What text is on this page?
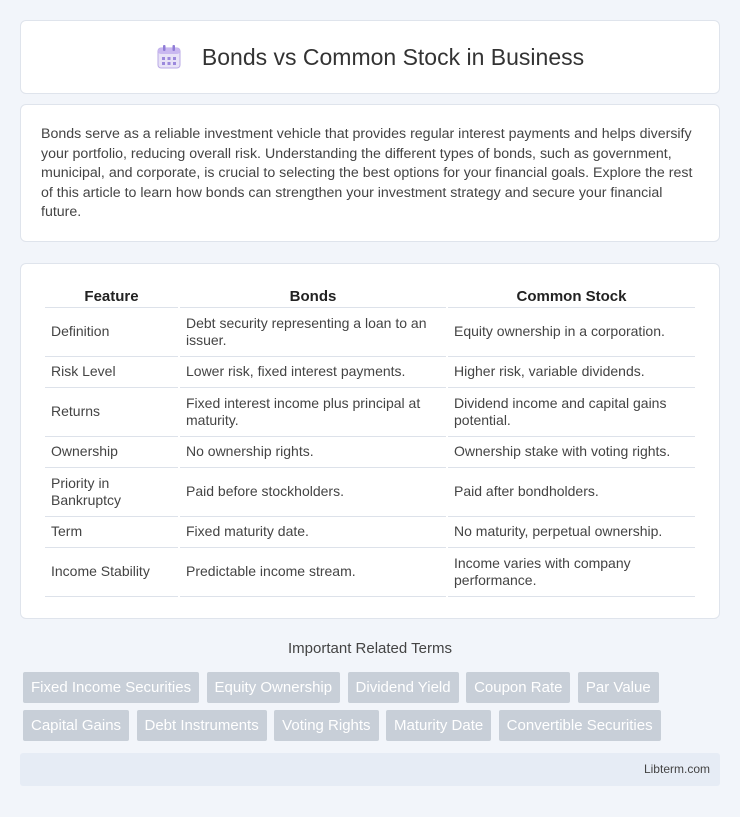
Bonds vs Common Stock in Business

Bonds serve as a reliable investment vehicle that provides regular interest payments and helps diversify your portfolio, reducing overall risk. Understanding the different types of bonds, such as government, municipal, and corporate, is crucial to selecting the best options for your financial goals. Explore the rest of this article to learn how bonds can strengthen your investment strategy and secure your financial future.

Feature	Bonds	Common Stock
Definition	Debt security representing a loan to an issuer.	Equity ownership in a corporation.
Risk Level	Lower risk, fixed interest payments.	Higher risk, variable dividends.
Returns	Fixed interest income plus principal at maturity.	Dividend income and capital gains potential.
Ownership	No ownership rights.	Ownership stake with voting rights.
Priority in Bankruptcy	Paid before stockholders.	Paid after bondholders.
Term	Fixed maturity date.	No maturity, perpetual ownership.
Income Stability	Predictable income stream.	Income varies with company performance.
Important Related Terms
Fixed Income Securities Equity Ownership Dividend Yield Coupon Rate Par Value Capital Gains Debt Instruments Voting Rights Maturity Date Convertible Securities
Libterm.com
